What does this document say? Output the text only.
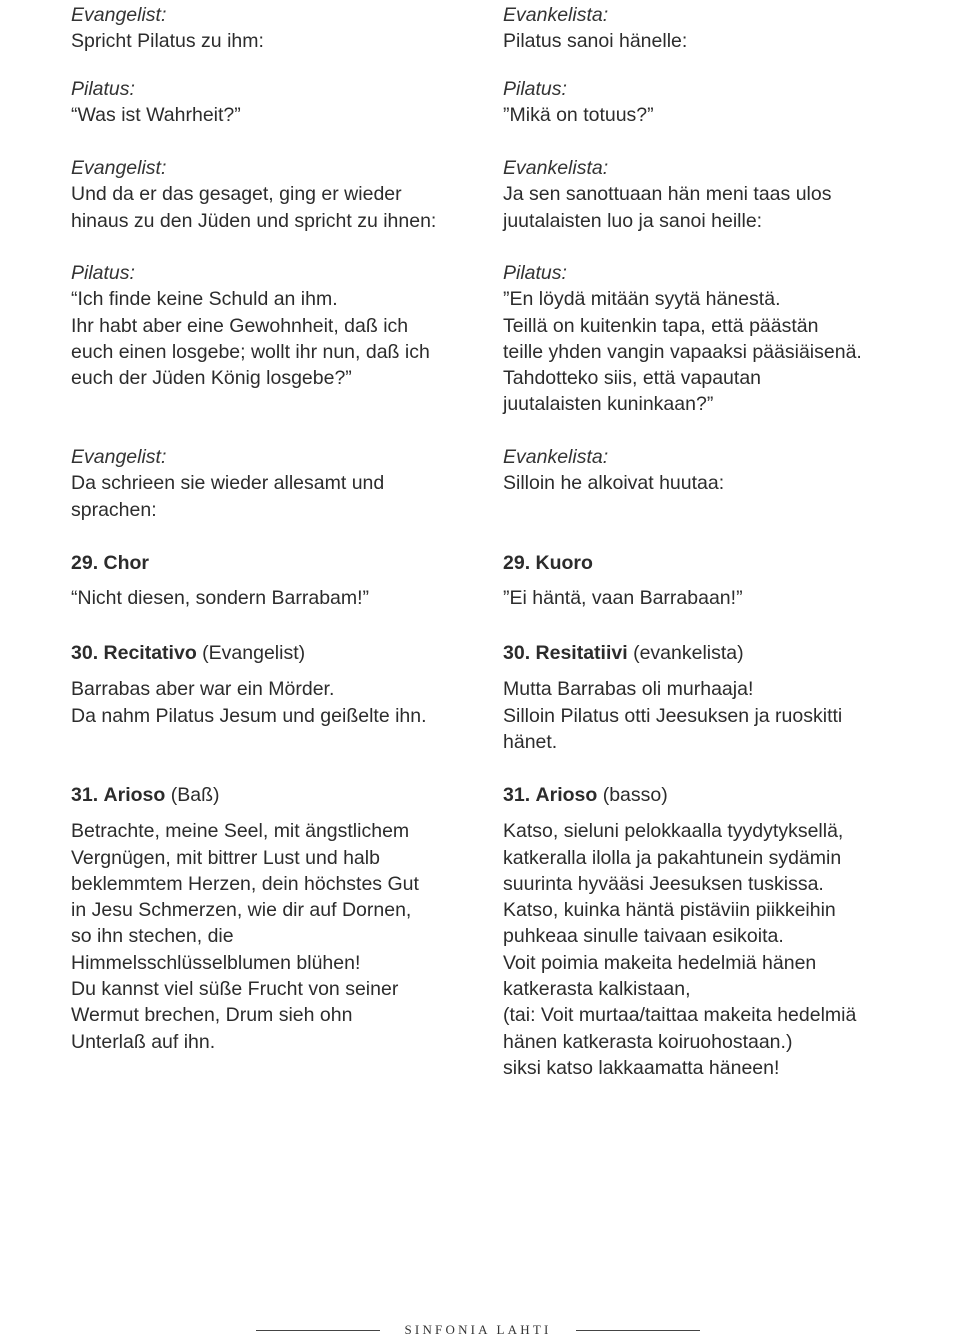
Evangelist:
Spricht Pilatus zu ihm:
Pilatus:
“Was ist Wahrheit?”
Evangelist:
Und da er das gesaget, ging er wieder
hinaus zu den Jüden und spricht zu ihnen:
Pilatus:
“Ich finde keine Schuld an ihm.
Ihr habt aber eine Gewohnheit, daß ich
euch einen losgebe; wollt ihr nun, daß ich
euch der Jüden König losgebe?”
Evangelist:
Da schrieen sie wieder allesamt und
sprachen:
29. Chor
“Nicht diesen, sondern Barrabam!”
30. Recitativo (Evangelist)
Barrabas aber war ein Mörder.
Da nahm Pilatus Jesum und geißelte ihn.
31. Arioso (Baß)
Betrachte, meine Seel, mit ängstlichem
Vergnügen, mit bittrer Lust und halb
beklemmtem Herzen, dein höchstes Gut
in Jesu Schmerzen, wie dir auf Dornen,
so ihn stechen, die
Himmelsschlüsselblumen blühen!
Du kannst viel süße Frucht von seiner
Wermut brechen, Drum sieh ohn
Unterlaß auf ihn.
Evankelista:
Pilatus sanoi hänelle:
Pilatus:
”Mikä on totuus?”
Evankelista:
Ja sen sanottuaan hän meni taas ulos
juutalaisten luo ja sanoi heille:
Pilatus:
”En löydä mitään syytä hänestä.
Teillä on kuitenkin tapa, että päästän
teille yhden vangin vapaaksi pääsiäisenä.
Tahdotteko siis, että vapautan
juutalaisten kuninkaan?”
Evankelista:
Silloin he alkoivat huutaa:
29. Kuoro
”Ei häntä, vaan Barrabaan!”
30. Resitatiivi (evankelista)
Mutta Barrabas oli murhaaja!
Silloin Pilatus otti Jeesuksen ja ruoskitti
hänet.
31. Arioso (basso)
Katso, sieluni pelokkaalla tyydytyksellä,
katkeralla ilolla ja pakahtunein sydämin
suurinta hyvääsi Jeesuksen tuskissa.
Katso, kuinka häntä pistäviin piikkeihin
puhkeaa sinulle taivaan esikoita.
Voit poimia makeita hedelmiä hänen
katkerasta kalkistaan,
(tai: Voit murtaa/taittaa makeita hedelmiä
hänen katkerasta koiruohostaan.)
siksi katso lakkaamatta häneen!
SINFONIA LAHTI
